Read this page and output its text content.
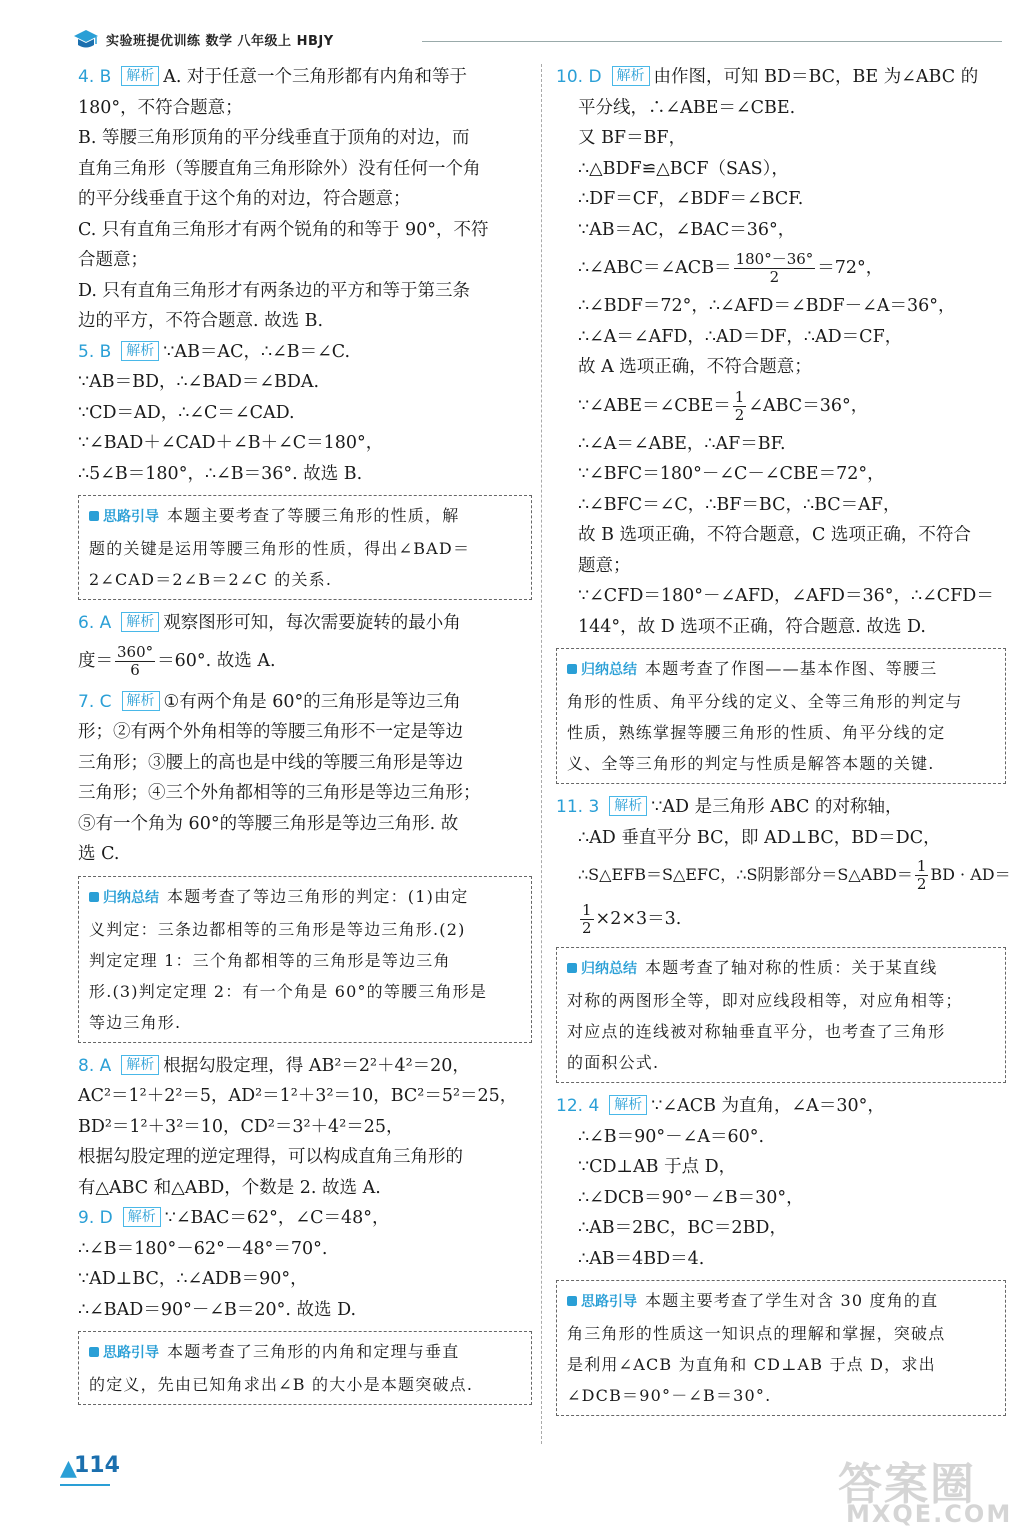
实验班提优训练 数学 八年级上 HBJY
4. B 解析 A. 对于任意一个三角形都有内角和等于
180°，不符合题意；
B. 等腰三角形顶角的平分线垂直于顶角的对边，而
直角三角形（等腰直角三角形除外）没有任何一个角
的平分线垂直于这个角的对边，符合题意；
C. 只有直角三角形才有两个锐角的和等于 90°，不符
合题意；
D. 只有直角三角形才有两条边的平方和等于第三条
边的平方，不符合题意. 故选 B.
5. B 解析 ∵AB＝AC，∴∠B＝∠C.
∵AB＝BD，∴∠BAD＝∠BDA.
∵CD＝AD，∴∠C＝∠CAD.
∵∠BAD＋∠CAD＋∠B＋∠C＝180°，
∴5∠B＝180°，∴∠B＝36°. 故选 B.
思路引导 本题主要考查了等腰三角形的性质，解
题的关键是运用等腰三角形的性质，得出∠BAD＝
2∠CAD＝2∠B＝2∠C 的关系.
6. A 解析 观察图形可知，每次需要旋转的最小角
度＝ $\frac{360^\circ}{6} =60^\circ$. 故选 A.
7. C 解析 ①有两个角是 60°的三角形是等边三角
形；②有两个外角相等的等腰三角形不一定是等边
三角形；③腰上的高也是中线的等腰三角形是等边
三角形；④三个外角都相等的三角形是等边三角形；
⑤有一个角为 60°的等腰三角形是等边三角形. 故
选 C.
归纳总结 本题考查了等边三角形的判定：(1)由定
义判定：三条边都相等的三角形是等边三角形.(2)
判定定理 1：三个角都相等的三角形是等边三角
形.(3)判定定理 2：有一个角是 60°的等腰三角形是
等边三角形.
8. A 解析 根据勾股定理，得 AB²＝2²＋4²＝20，
AC²＝1²＋2²＝5，AD²＝1²＋3²＝10，BC²＝5²＝25，
BD²＝1²＋3²＝10，CD²＝3²＋4²＝25，
根据勾股定理的逆定理得，可以构成直角三角形的
有△ABC 和△ABD，个数是 2. 故选 A.
9. D 解析 ∵∠BAC＝62°，∠C＝48°，
∴∠B＝180°－62°－48°＝70°.
∵AD⊥BC，∴∠ADB＝90°，
∴∠BAD＝90°－∠B＝20°. 故选 D.
思路引导 本题考查了三角形的内角和定理与垂直
的定义，先由已知角求出∠B 的大小是本题突破点.
10. D 解析 由作图，可知 BD＝BC，BE 为∠ABC 的
平分线，∴∠ABE＝∠CBE.
又 BF＝BF，
∴△BDF≌△BCF（SAS），
∴DF＝CF，∠BDF＝∠BCF.
∵AB＝AC，∠BAC＝36°，
∴∠ABC＝∠ACB＝ $\frac{180^\circ-36^\circ}{2} =72^\circ$，
∴∠BDF＝72°，∴∠AFD＝∠BDF－∠A＝36°，
∴∠A＝∠AFD，∴AD＝DF，∴AD＝CF，
故 A 选项正确，不符合题意；
∵∠ABE＝∠CBE＝ $\frac{1}{2}$ ∠ABC＝36°，
∴∠A＝∠ABE，∴AF＝BF.
∵∠BFC＝180°－∠C－∠CBE＝72°，
∴∠BFC＝∠C，∴BF＝BC，∴BC＝AF，
故 B 选项正确，不符合题意，C 选项正确，不符合
题意；
∵∠CFD＝180°－∠AFD，∠AFD＝36°，∴∠CFD＝
144°，故 D 选项不正确，符合题意. 故选 D.
归纳总结 本题考查了作图——基本作图、等腰三
角形的性质、角平分线的定义、全等三角形的判定与
性质，熟练掌握等腰三角形的性质、角平分线的定
义、全等三角形的判定与性质是解答本题的关键.
11. 3 解析 ∵AD 是三角形 ABC 的对称轴，
∴AD 垂直平分 BC，即 AD⊥BC，BD＝DC，
∴S△EFB＝S△EFC，∴S阴影部分＝S△ABD＝ $\frac{1}{2}$ BD · AD＝
$\frac{1}{2} \times 2\times 3=3$.
归纳总结 本题考查了轴对称的性质：关于某直线
对称的两图形全等，即对应线段相等，对应角相等；
对应点的连线被对称轴垂直平分，也考查了三角形
的面积公式.
12. 4 解析 ∵∠ACB 为直角，∠A＝30°，
∴∠B＝90°－∠A＝60°.
∵CD⊥AB 于点 D，
∴∠DCB＝90°－∠B＝30°，
∴AB＝2BC，BC＝2BD，
∴AB＝4BD＝4.
思路引导 本题主要考查了学生对含 30 度角的直
角三角形的性质这一知识点的理解和掌握，突破点
是利用∠ACB 为直角和 CD⊥AB 于点 D，求出
∠DCB＝90°－∠B＝30°.
▲
114	答案圈
MXQE.COM
